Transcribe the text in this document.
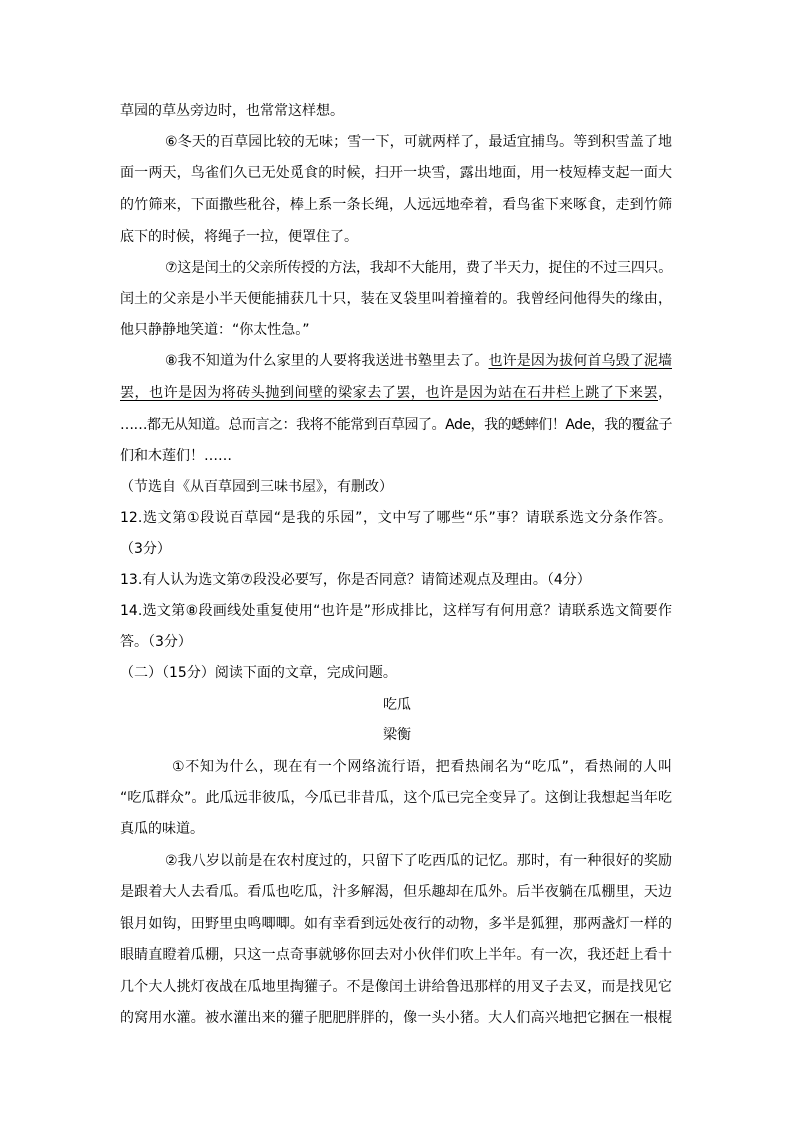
草园的草丛旁边时，也常常这样想。
⑥冬天的百草园比较的无味；雪一下，可就两样了，最适宜捕鸟。等到积雪盖了地
面一两天，鸟雀们久已无处觅食的时候，扫开一块雪，露出地面，用一枝短棒支起一面大
的竹筛来，下面撒些秕谷，棒上系一条长绳，人远远地牵着，看鸟雀下来啄食，走到竹筛
底下的时候，将绳子一拉，便罩住了。
⑦这是闰土的父亲所传授的方法，我却不大能用，费了半天力，捉住的不过三四只。
闰土的父亲是小半天便能捕获几十只，装在叉袋里叫着撞着的。我曾经问他得失的缘由，
他只静静地笑道：“你太性急。”
⑧我不知道为什么家里的人要将我送进书塾里去了。也许是因为拔何首乌毁了泥墙
罢，也许是因为将砖头抛到间壁的梁家去了罢，也许是因为站在石井栏上跳了下来罢，
……都无从知道。总而言之：我将不能常到百草园了。Ade，我的蟋蟀们！Ade，我的覆盆子
们和木莲们！……
（节选自《从百草园到三味书屋》，有删改）
12.选文第①段说百草园“是我的乐园”，文中写了哪些“乐”事？请联系选文分条作答。
（3分）
13.有人认为选文第⑦段没必要写，你是否同意？请简述观点及理由。（4分）
14.选文第⑧段画线处重复使用“也许是”形成排比，这样写有何用意？请联系选文简要作
答。（3分）
（二）（15分）阅读下面的文章，完成问题。
吃瓜
梁衡
①不知为什么，现在有一个网络流行语，把看热闹名为“吃瓜”，看热闹的人叫
“吃瓜群众”。此瓜远非彼瓜，今瓜已非昔瓜，这个瓜已完全变异了。这倒让我想起当年吃
真瓜的味道。
②我八岁以前是在农村度过的，只留下了吃西瓜的记忆。那时，有一种很好的奖励
是跟着大人去看瓜。看瓜也吃瓜，汁多解渴，但乐趣却在瓜外。后半夜躺在瓜棚里，天边
银月如钩，田野里虫鸣唧唧。如有幸看到远处夜行的动物，多半是狐狸，那两盏灯一样的
眼睛直瞪着瓜棚，只这一点奇事就够你回去对小伙伴们吹上半年。有一次，我还赶上看十
几个大人挑灯夜战在瓜地里掏獾子。不是像闰土讲给鲁迅那样的用叉子去叉，而是找见它
的窝用水灌。被水灌出来的獾子肥肥胖胖的，像一头小猪。大人们高兴地把它捆在一根棍
